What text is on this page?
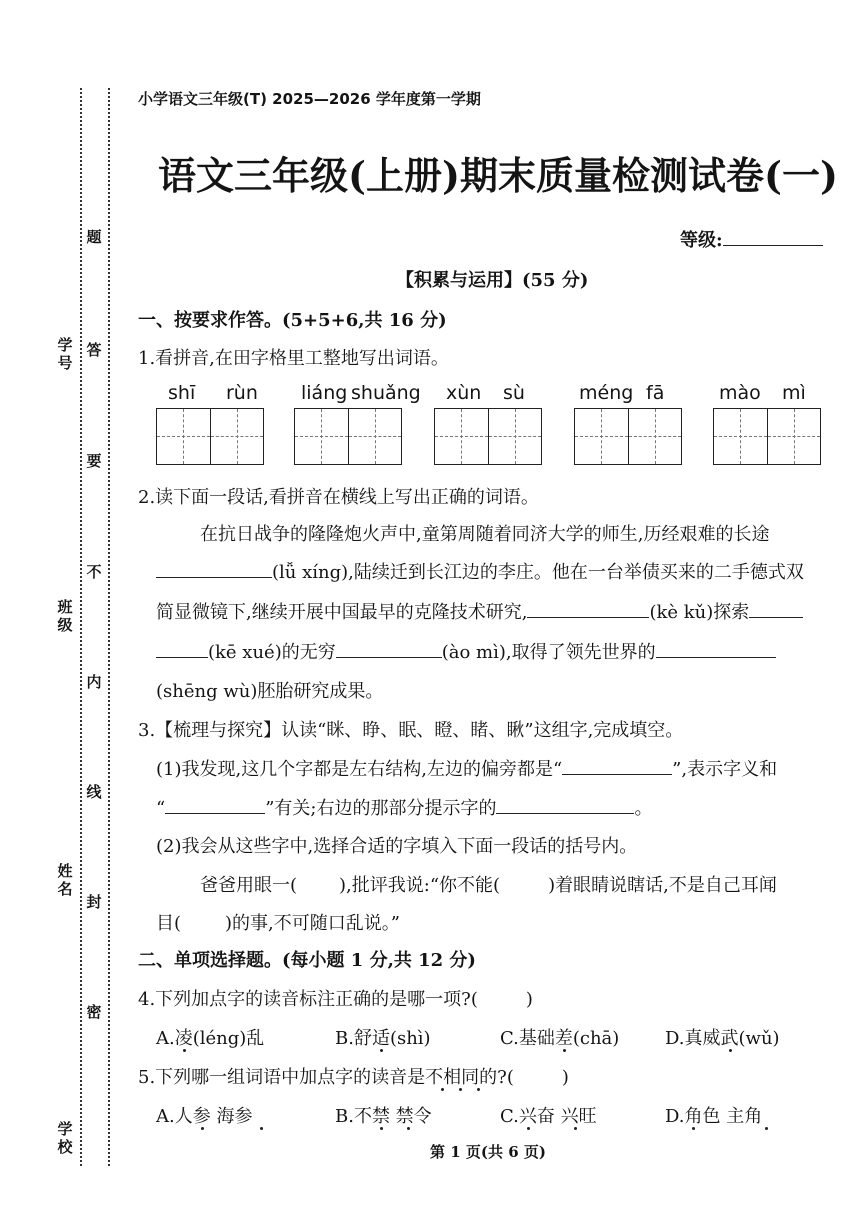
题
答
要
不
内
线
封
密
学号
班级
姓名
学校
小学语文三年级(T) 2025—2026 学年度第一学期
语文三年级(上册)期末质量检测试卷(一)
等级:
【积累与运用】(55 分)
一、按要求作答。(5+5+6,共 16 分)
1.看拼音,在田字格里工整地写出词语。
shī rùn liáng shuǎng xùn sù	méng fā	mào mì
2.读下面一段话,看拼音在横线上写出正确的词语。
在抗日战争的隆隆炮火声中,童第周随着同济大学的师生,历经艰难的长途
(lǚ xíng),陆续迁到长江边的李庄。他在一台举债买来的二手德式双
简显微镜下,继续开展中国最早的克隆技术研究,	(kè kǔ)探索
(kē xué)的无穷	(ào mì),取得了领先世界的
(shēng wù)胚胎研究成果。
3.【梳理与探究】认读“眯、睁、眠、瞪、睹、瞅”这组字,完成填空。
(1)我发现,这几个字都是左右结构,左边的偏旁都是“	”,表示字义和
“	”有关;右边的那部分提示字的	。
(2)我会从这些字中,选择合适的字填入下面一段话的括号内。
爸爸用眼一( ),批评我说:“你不能(	)着眼睛说瞎话,不是自己耳闻
目( )的事,不可随口乱说。”
二、单项选择题。(每小题 1 分,共 12 分)
4.下列加点字的读音标注正确的是哪一项?(	)
A.凌(léng)乱	B.舒适(shì)	C.基础差(chā)	D.真威武(wǔ)
5.下列哪一组词语中加点字的读音是不相同的?(	)
A.人参 海参	B.不禁 禁令	C.兴奋 兴旺	D.角色 主角
第 1 页(共 6 页)
